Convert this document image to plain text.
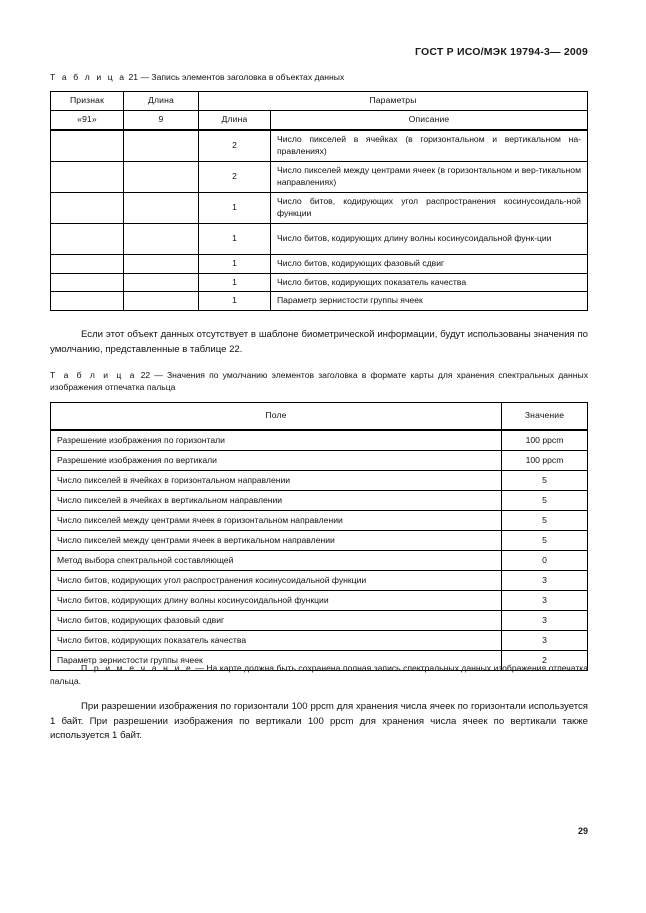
ГОСТ Р ИСО/МЭК 19794-3— 2009

Т а б л и ц а 21 — Запись элементов заголовка в объектах данных

Признак	Длина	Параметры	
«91»	9	Длина	Описание
		2	Число пикселей в ячейках (в горизонтальном и вертикальном на-правлениях)
		2	Число пикселей между центрами ячеек (в горизонтальном и вер-тикальном направлениях)
		1	Число битов, кодирующих угол распространения косинусоидаль-ной функции
		1	Число битов, кодирующих длину волны косинусоидальной функ-ции
		1	Число битов, кодирующих фазовый сдвиг
		1	Число битов, кодирующих показатель качества
		1	Параметр зернистости группы ячеек

Если этот объект данных отсутствует в шаблоне биометрической информации, будут использованы значения по умолчанию, представленные в таблице 22.

Т а б л и ц а 22 — Значения по умолчанию элементов заголовка в формате карты для хранения спектральных данных изображения отпечатка пальца

Поле	Значение
Разрешение изображения по горизонтали	100 ppcm
Разрешение изображения по вертикали	100 ppcm
Число пикселей в ячейках в горизонтальном направлении	5
Число пикселей в ячейках в вертикальном направлении	5
Число пикселей между центрами ячеек в горизонтальном направлении	5
Число пикселей между центрами ячеек в вертикальном направлении	5
Метод выбора спектральной составляющей	0
Число битов, кодирующих угол распространения косинусоидальной функции	3
Число битов, кодирующих длину волны косинусоидальной функции	3
Число битов, кодирующих фазовый сдвиг	3
Число битов, кодирующих показатель качества	3
Параметр зернистости группы ячеек	2

П р и м е ч а н и е — На карте должна быть сохранена полная запись спектральных данных изображения отпечатка пальца.

При разрешении изображения по горизонтали 100 ppcm для хранения числа ячеек по горизонтали используется 1 байт. При разрешении изображения по вертикали 100 ppcm для хранения числа ячеек по вертикали также используется 1 байт.

29
